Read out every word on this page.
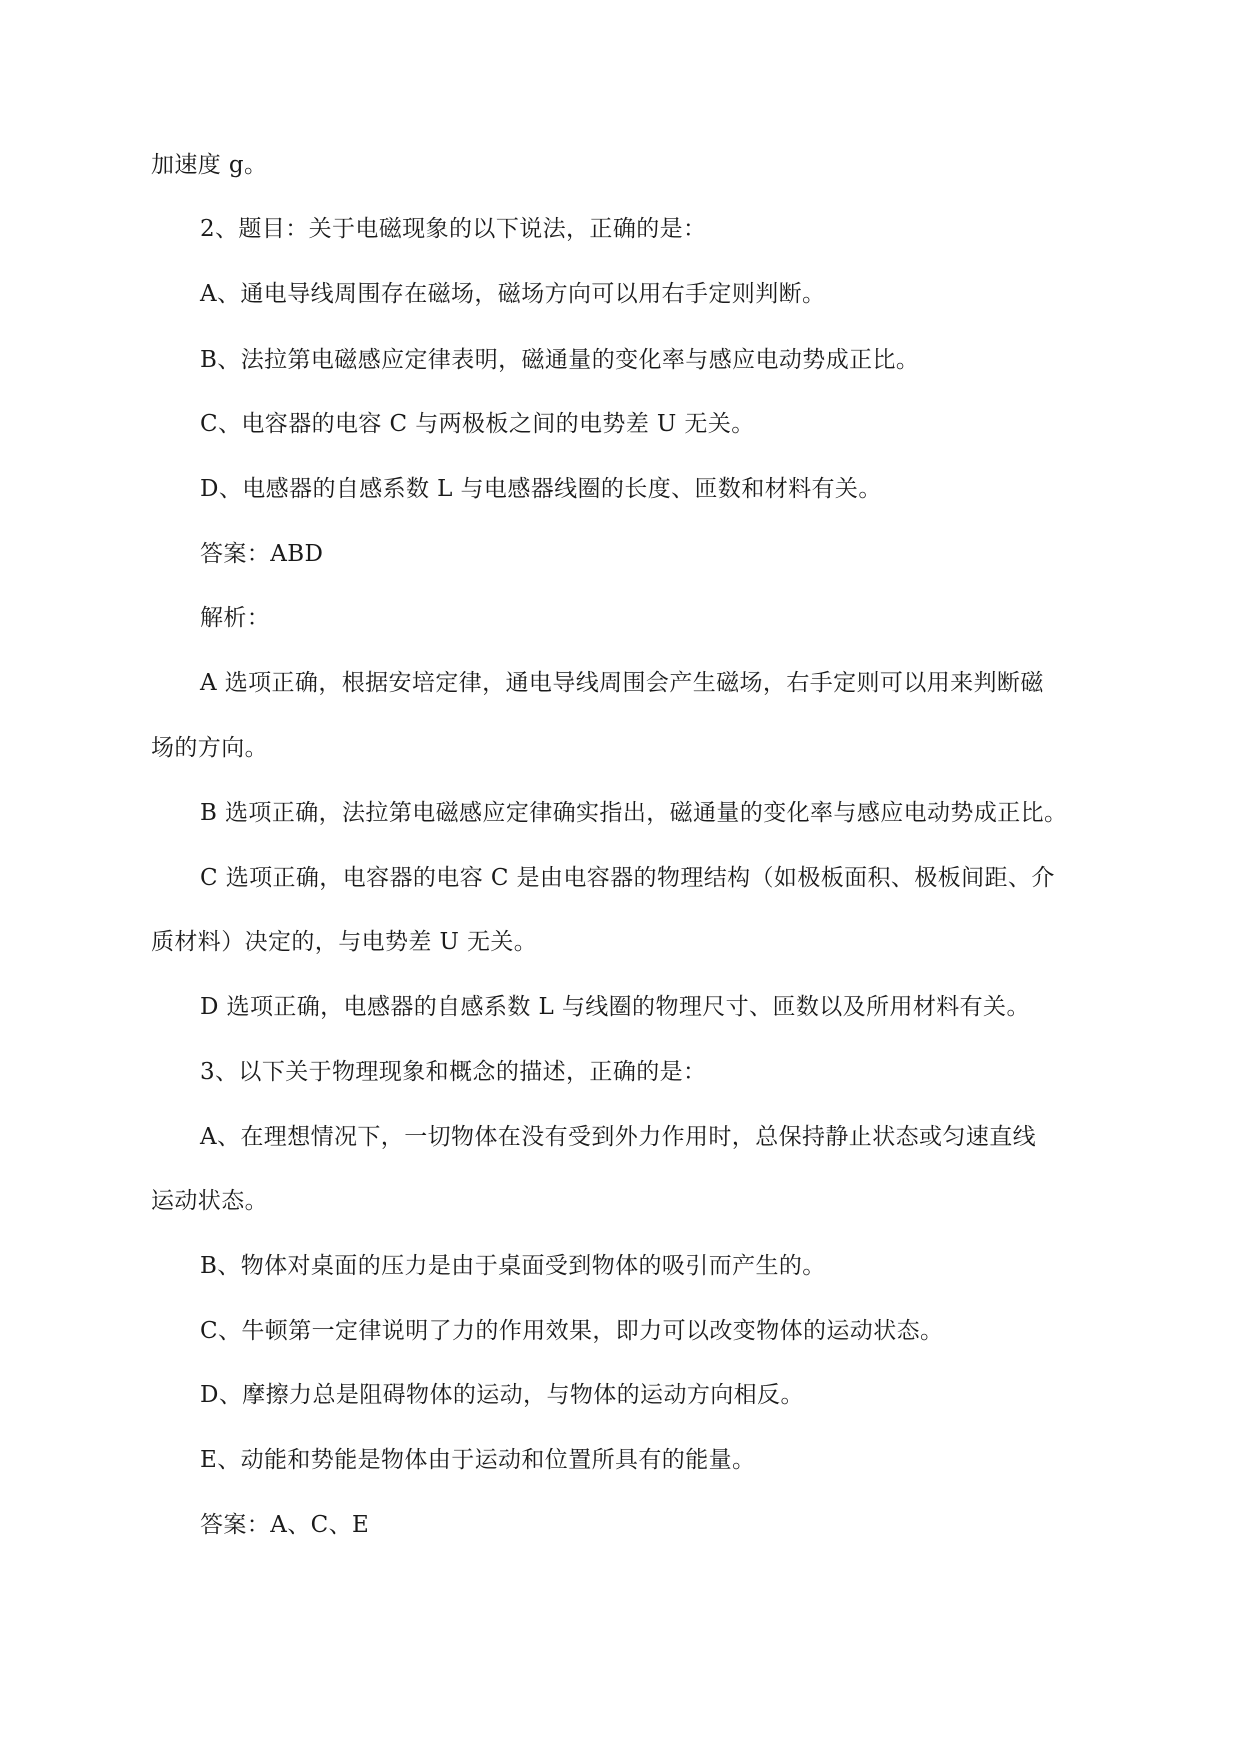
加速度 g。
2、题目：关于电磁现象的以下说法，正确的是：
A、通电导线周围存在磁场，磁场方向可以用右手定则判断。
B、法拉第电磁感应定律表明，磁通量的变化率与感应电动势成正比。
C、电容器的电容 C 与两极板之间的电势差 U 无关。
D、电感器的自感系数 L 与电感器线圈的长度、匝数和材料有关。
答案：ABD
解析：
A 选项正确，根据安培定律，通电导线周围会产生磁场，右手定则可以用来判断磁
场的方向。
B 选项正确，法拉第电磁感应定律确实指出，磁通量的变化率与感应电动势成正比。
C 选项正确，电容器的电容 C 是由电容器的物理结构（如极板面积、极板间距、介
质材料）决定的，与电势差 U 无关。
D 选项正确，电感器的自感系数 L 与线圈的物理尺寸、匝数以及所用材料有关。
3、以下关于物理现象和概念的描述，正确的是：
A、在理想情况下，一切物体在没有受到外力作用时，总保持静止状态或匀速直线
运动状态。
B、物体对桌面的压力是由于桌面受到物体的吸引而产生的。
C、牛顿第一定律说明了力的作用效果，即力可以改变物体的运动状态。
D、摩擦力总是阻碍物体的运动，与物体的运动方向相反。
E、动能和势能是物体由于运动和位置所具有的能量。
答案：A、C、E
